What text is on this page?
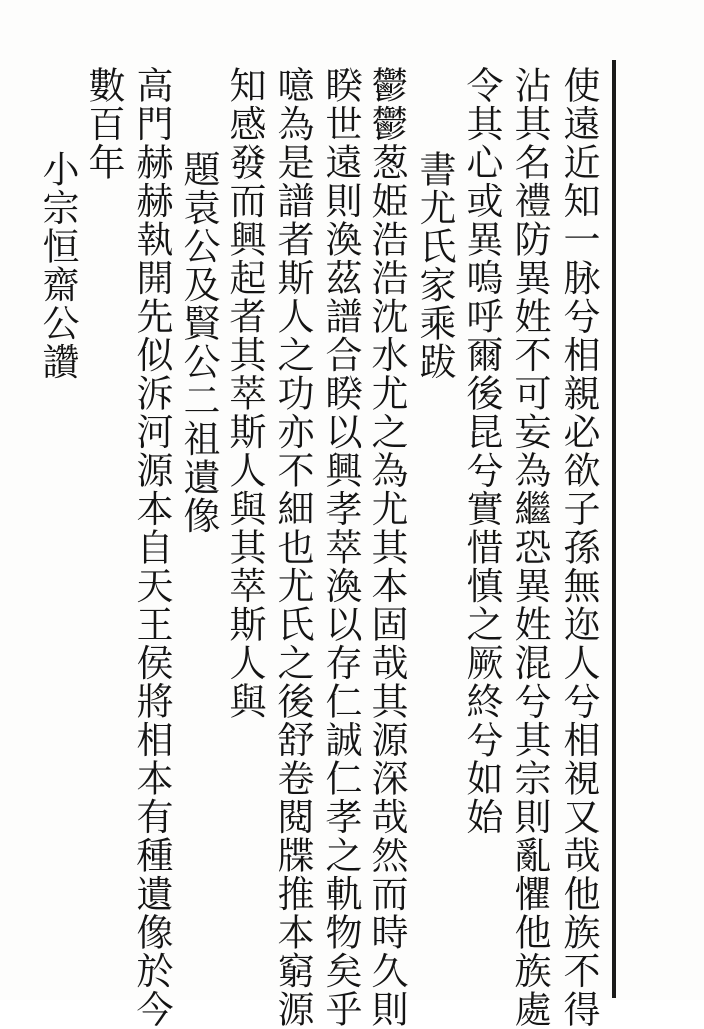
使遠近知一脉兮相親必欲子孫無迩人兮相視又哉他族不得
沾其名禮防異姓不可妄為繼恐異姓混兮其宗則亂懼他族處
令其心或異嗚呼爾後昆兮實惜慎之厥終兮如始
書尤氏家乘跋
鬱鬱葱姫浩浩沈水尤之為尤其本固哉其源深哉然而時久則
睽世遠則渙茲譜合睽以興孝萃渙以存仁誠仁孝之軌物矣乎
噫為是譜者斯人之功亦不細也尤氏之後舒卷閱牒推本窮源
知感發而興起者其萃斯人與其萃斯人與
題袁公及賢公二祖遺像
高門赫赫執開先似泝河源本自天王侯將相本有種遺像於今
數百年
小宗恒齋公讚
